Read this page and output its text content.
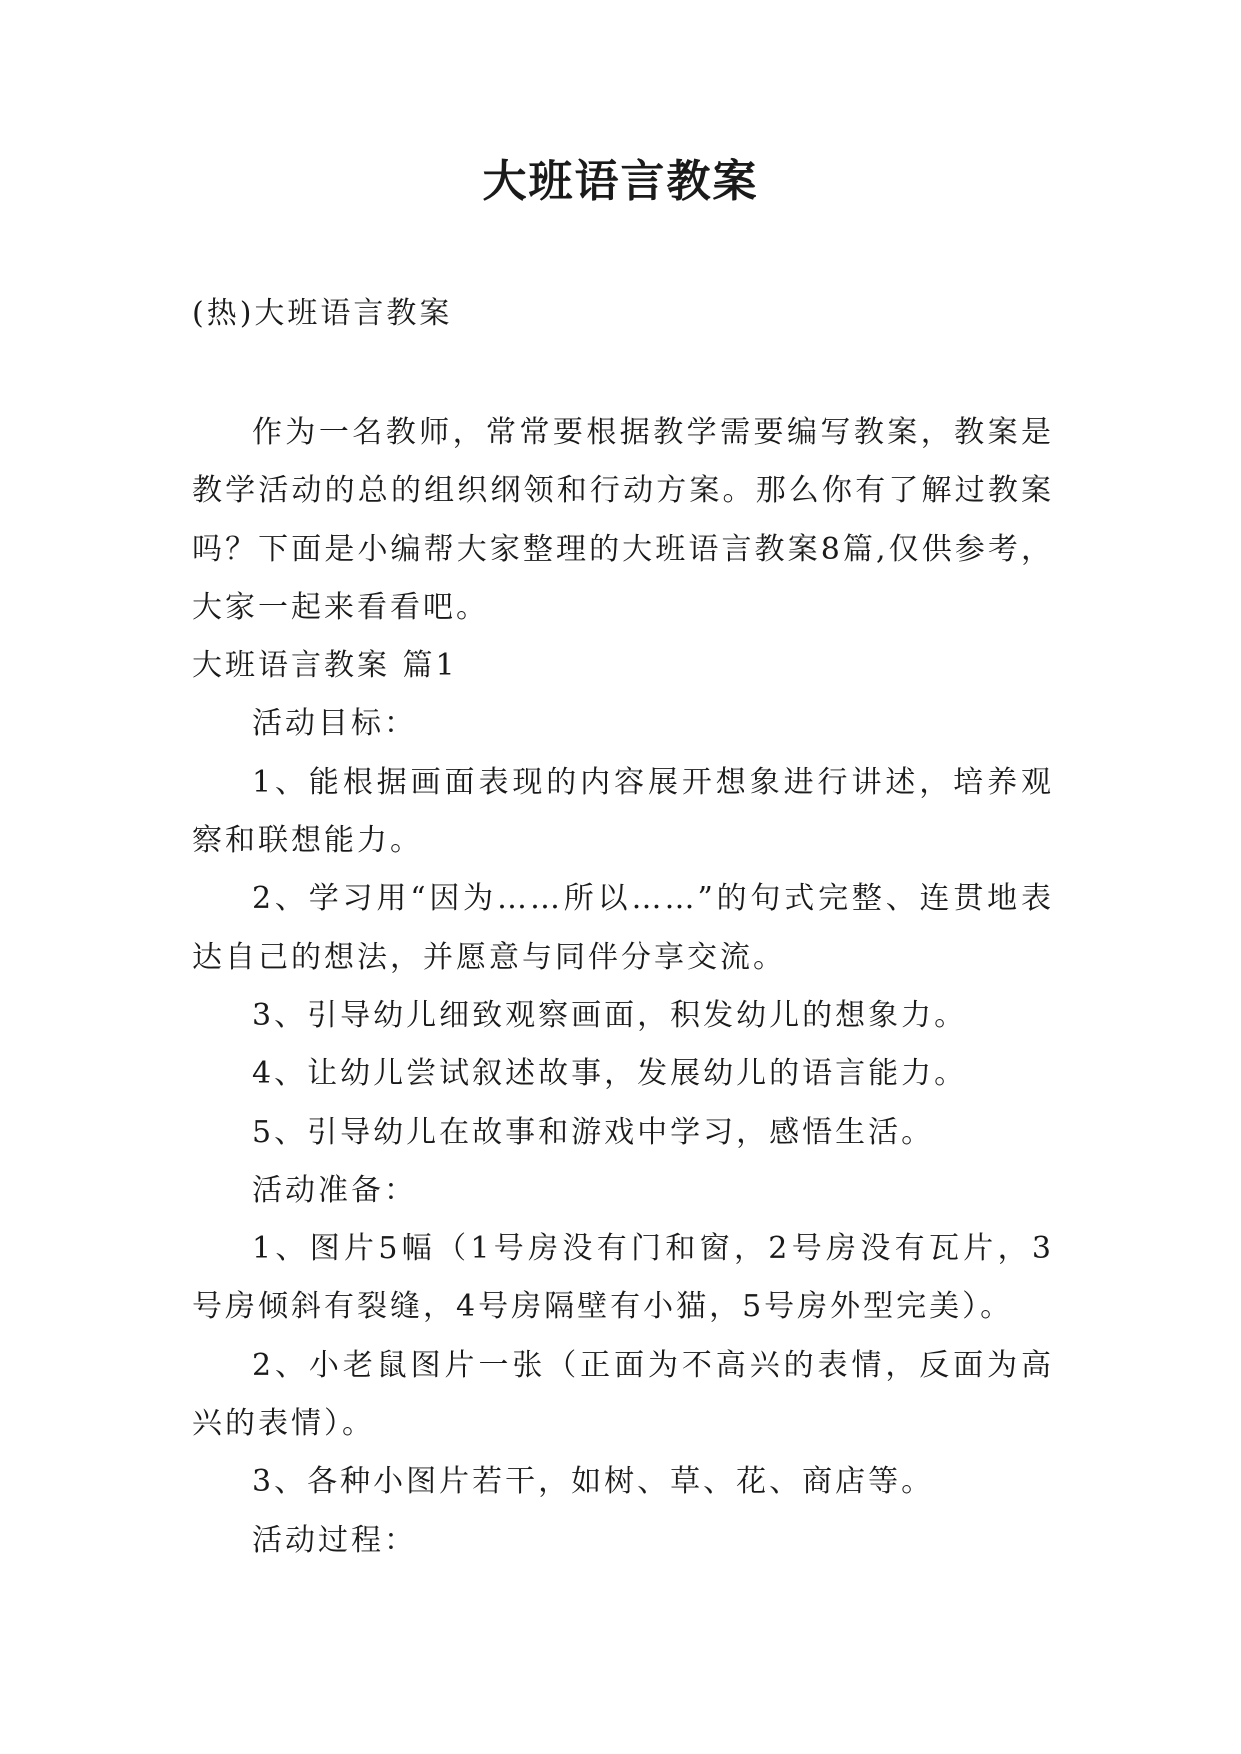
大班语言教案
(热)大班语言教案

作为一名教师，常常要根据教学需要编写教案，教案是教学活动的总的组织纲领和行动方案。那么你有了解过教案吗？下面是小编帮大家整理的大班语言教案8篇,仅供参考，大家一起来看看吧。

大班语言教案 篇1

活动目标：

1、能根据画面表现的内容展开想象进行讲述，培养观察和联想能力。

2、学习用“因为……所以……”的句式完整、连贯地表达自己的想法，并愿意与同伴分享交流。

3、引导幼儿细致观察画面，积发幼儿的想象力。

4、让幼儿尝试叙述故事，发展幼儿的语言能力。

5、引导幼儿在故事和游戏中学习，感悟生活。

活动准备：

1、图片5幅（1号房没有门和窗，2号房没有瓦片，3号房倾斜有裂缝，4号房隔壁有小猫，5号房外型完美）。

2、小老鼠图片一张（正面为不高兴的表情，反面为高兴的表情）。

3、各种小图片若干，如树、草、花、商店等。

活动过程：
